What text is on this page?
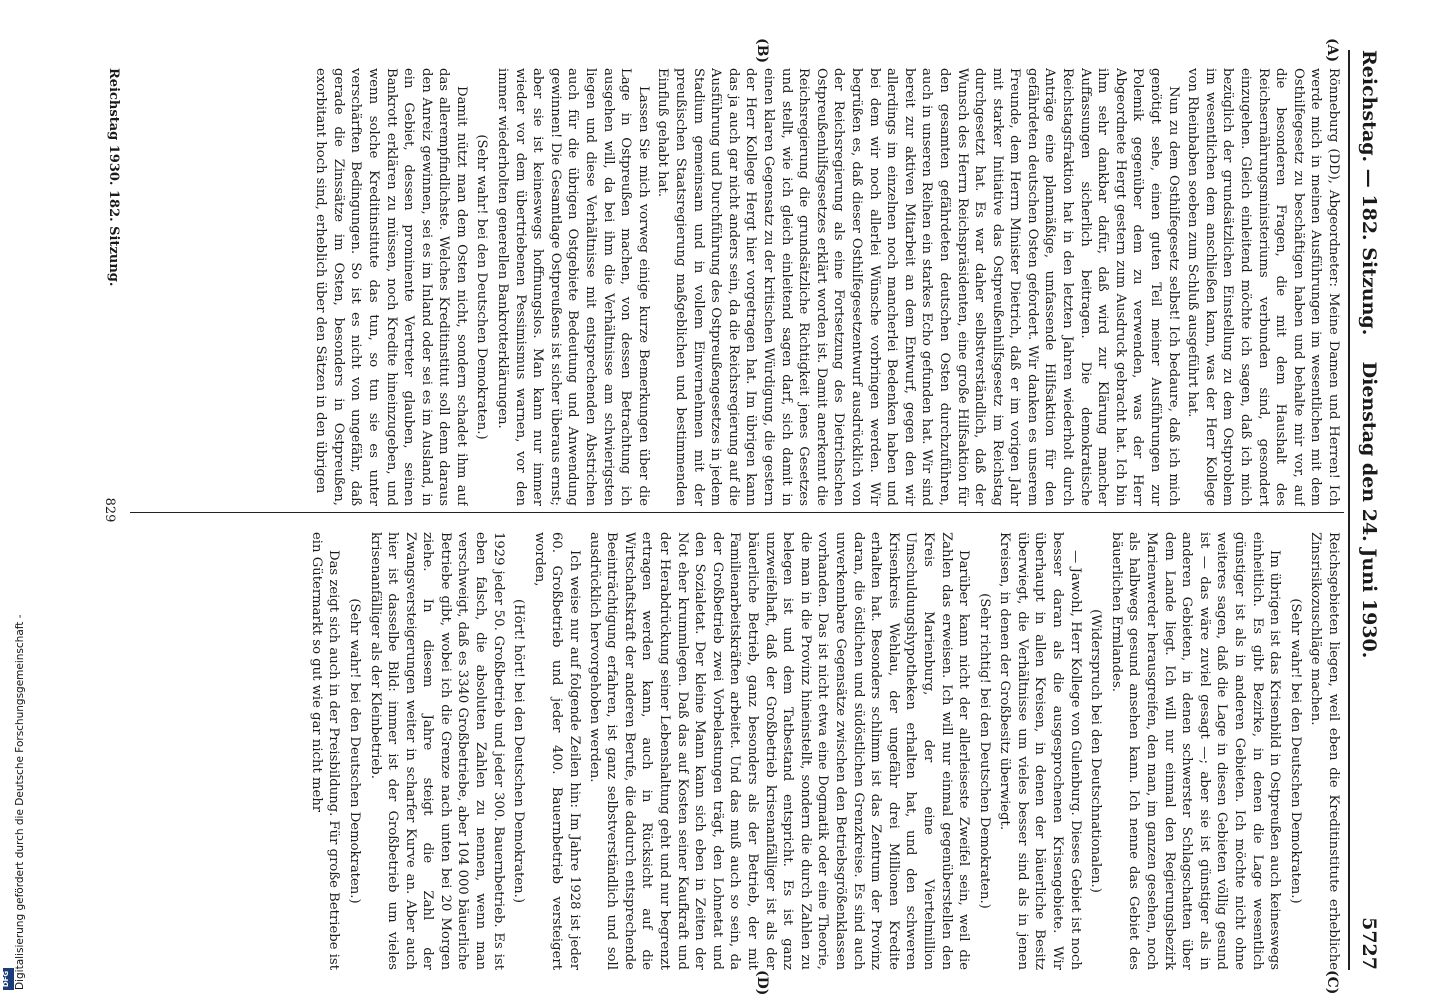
Reichstag. — 182. Sitzung.
Dienstag den 24. Juni 1930.
5727
(A)
(B)
(C)
(D)

Rönneburg (DD), Abgeordneter: Meine Damen und Herren! Ich werde mich in meinen Ausführungen im wesentlichen mit dem Osthilfegesetz zu beschäftigen haben und behalte mir vor, auf die besonderen Fragen, die mit dem Haushalt des Reichsernährungsministeriums verbunden sind, gesondert einzugehen. Gleich einleitend möchte ich sagen, daß ich mich bezüglich der grundsätzlichen Einstellung zu dem Ostproblem im wesentlichen dem anschließen kann, was der Herr Kollege von Rheinbaben soeben zum Schluß ausgeführt hat.

Nun zu dem Osthilfegesetz selbst! Ich bedaure, daß ich mich genötigt sehe, einen guten Teil meiner Ausführungen zur Polemik gegenüber dem zu verwenden, was der Herr Abgeordnete Hergt gestern zum Ausdruck gebracht hat. Ich bin ihm sehr dankbar dafür, daß wird zur Klärung mancher Auffassungen sicherlich beitragen. Die demokratische Reichstagsfraktion hat in den letzten Jahren wiederholt durch Anträge eine planmäßige, umfassende Hilfsaktion für den gefährdeten deutschen Osten gefordert. Wir danken es unserem Freunde, dem Herrn Minister Dietrich, daß er im vorigen Jahr mit starker Initiative das Ostpreußenhilfsgesetz im Reichstag durchgesetzt hat. Es war daher selbstverständlich, daß der Wunsch des Herrn Reichspräsidenten, eine große Hilfsaktion für den gesamten gefährdeten deutschen Osten durchzuführen, auch in unseren Reihen ein starkes Echo gefunden hat. Wir sind bereit zur aktiven Mitarbeit an dem Entwurf, gegen den wir allerdings im einzelnen noch mancherlei Bedenken haben und bei dem wir noch allerlei Wünsche vorbringen werden. Wir begrüßen es, daß dieser Osthilfegesetzentwurf ausdrücklich von der Reichsregierung als eine Fortsetzung des Dietrichschen Ostpreußenhilfsgesetzes erklärt worden ist. Damit anerkennt die Reichsregierung die grundsätzliche Richtigkeit jenes Gesetzes und stellt, wie ich gleich einleitend sagen darf, sich damit in einen klaren Gegensatz zu der kritischen Würdigung, die gestern der Herr Kollege Hergt hier vorgetragen hat. Im übrigen kann das ja auch gar nicht anders sein, da die Reichsregierung auf die Ausführung und Durchführung des Ostpreußengesetzes in jedem Stadium gemeinsam und in vollem Einvernehmen mit der preußischen Staatsregierung maßgeblichen und bestimmenden Einfluß gehabt hat.

Lassen Sie mich vorweg einige kurze Bemerkungen über die Lage in Ostpreußen machen, von dessen Betrachtung ich ausgehen will, da bei ihm die Verhältnisse am schwierigsten liegen und diese Verhältnisse mit entsprechenden Abstrichen auch für die übrigen Ostgebiete Bedeutung und Anwendung gewinnen! Die Gesamtlage Ostpreußens ist sicher überaus ernst; aber sie ist keineswegs hoffnungslos. Man kann nur immer wieder vor dem übertriebenen Pessimismus warnen, vor den immer wiederholten generellen Bankrotterklärungen.

(Sehr wahr! bei den Deutschen Demokraten.)

Damit nützt man dem Osten nicht, sondern schadet ihm auf das allerempfindlichste. Welches Kreditinstitut soll denn daraus den Anreiz gewinnen, sei es im Inland oder sei es im Ausland, in ein Gebiet, dessen prominente Vertreter glauben, seinen Bankrott erklären zu müssen, noch Kredite hineinzugeben, und wenn solche Kreditinstitute das tun, so tun sie es unter verschärften Bedingungen. So ist es nicht von ungefähr, daß gerade die Zinssätze im Osten, besonders in Ostpreußen, exorbitant hoch sind, erheblich über den Sätzen in den übrigen

Reichsgebieten liegen, weil eben die Kreditinstitute erhebliche Zinsrisikozuschläge machen.

(Sehr wahr! bei den Deutschen Demokraten.)

Im übrigen ist das Krisenbild in Ostpreußen auch keineswegs einheitlich. Es gibt Bezirke, in denen die Lage wesentlich günstiger ist als in anderen Gebieten. Ich möchte nicht ohne weiteres sagen, daß die Lage in diesen Gebieten völlig gesund ist — das wäre zuviel gesagt —; aber sie ist günstiger als in anderen Gebieten, in denen schwerster Schlagschatten über dem Lande liegt. Ich will nur einmal den Regierungsbezirk Marienwerder herausgreifen, den man, im ganzen gesehen, noch als halbwegs gesund ansehen kann. Ich nenne das Gebiet des bäuerlichen Ermlandes.

(Widerspruch bei den Deutschnationalen.)

— Jawohl, Herr Kollege von Gulenburg. Dieses Gebiet ist noch besser daran als die ausgesprochenen Krisengebiete. Wir überhaupt in allen Kreisen, in denen der bäuerliche Besitz überwiegt, die Verhältnisse um vieles besser sind als in jenen Kreisen, in denen der Großbesitz überwiegt.

(Sehr richtig! bei den Deutschen Demokraten.)

Darüber kann nicht der allerleiseste Zweifel sein, weil die Zahlen das erweisen. Ich will nur einmal gegenüberstellen den Kreis Marienburg, der eine Viertelmillion Umschuldungshypotheken erhalten hat, und den schweren Krisenkreis Wehlau, der ungefähr drei Millionen Kredite erhalten hat. Besonders schlimm ist das Zentrum der Provinz daran, die östlichen und südöstlichen Grenzkreise. Es sind auch unverkennbare Gegensätze zwischen den Betriebsgrößenklassen vorhanden. Das ist nicht etwa eine Dogmatik oder eine Theorie, die man in die Provinz hineinstellt, sondern die durch Zahlen zu belegen ist und dem Tatbestand entspricht. Es ist ganz unzweifelhaft, daß der Großbetrieb krisenanfälliger ist als der bäuerliche Betrieb, ganz besonders als der Betrieb, der mit Familienarbeitskräften arbeitet. Und das muß auch so sein, da der Großbetrieb zwei Vorbelastungen trägt, den Lohnetat und den Sozialetat. Der kleine Mann kann sich eben in Zeiten der Not eher krummlegen. Daß das auf Kosten seiner Kaufkraft und der Herabdrückung seiner Lebenshaltung geht und nur begrenzt ertragen werden kann, auch in Rücksicht auf die Wirtschaftskraft der anderen Berufe, die dadurch entsprechende Beeinträchtigung erfahren, ist ganz selbstverständlich und soll ausdrücklich hervorgehoben werden.

Ich weise nur auf folgende Zeilen hin: Im Jahre 1928 ist jeder 60. Großbetrieb und jeder 400. Bauernbetrieb versteigert worden,

(Hört! hört! bei den Deutschen Demokraten.)

1929 jeder 50. Großbetrieb und jeder 300. Bauernbetrieb. Es ist eben falsch, die absoluten Zahlen zu nennen, wenn man verschweigt, daß es 3340 Großbetriebe, aber 104 000 bäuerliche Betriebe gibt, wobei ich die Grenze nach unten bei 20 Morgen ziehe. In diesem Jahre steigt die Zahl der Zwangsversteigerungen weiter in scharfer Kurve an. Aber auch hier ist dasselbe Bild: immer ist der Großbetrieb um vieles krisenanfälliger als der Kleinbetrieb.

(Sehr wahr! bei den Deutschen Demokraten.)

Das zeigt sich auch in der Preisbildung. Für große Betriebe ist ein Gütermarkt so gut wie gar nicht mehr

Reichstag 1930. 182. Sitzung.
829
Digitalisierung gefördert durch die Deutsche Forschungsgemeinschaft -
DFG
